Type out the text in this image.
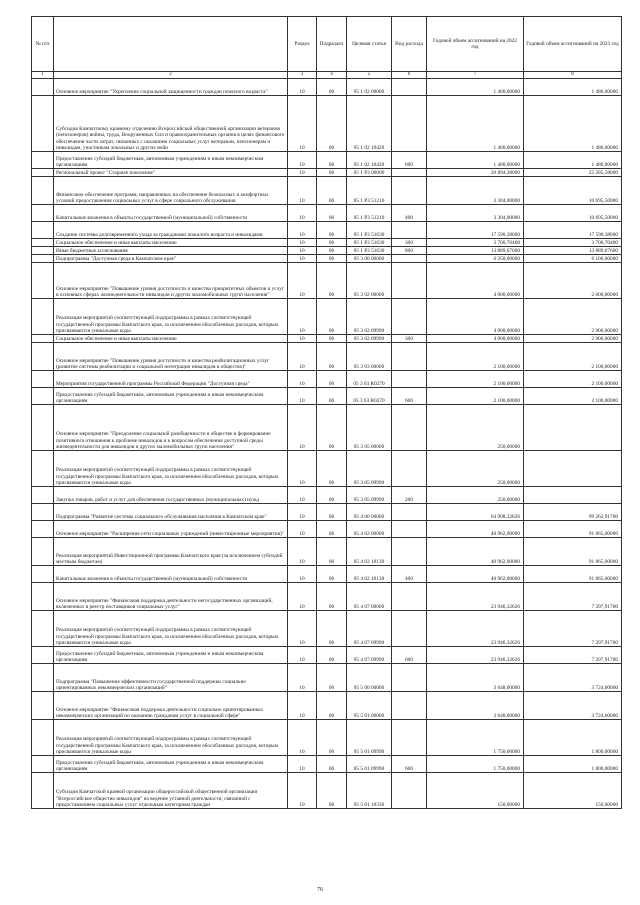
№ п/п		Раздел	Подраздел	Целевая статья	Вид расхода	Годовой объем ассигнований на 2022 год	Годовой объем ассигнований на 2023 год
1	2	3	4	5	6	7	8
	Основное мероприятие "Укрепление социальной защищенности граждан пожилого возраста"	10	06	05 1 02 00000		1 460,00000	1 480,00000
	Субсидия Камчатскому краевому отделению Всероссийской общественной организации ветеранов (пенсионеров) войны, труда, Вооруженных Сил и правоохранительных органов в целях финансового обеспечения части затрат, связанных с оказанием социальных услуг ветеранам, пенсионерам и инвалидам, участникам локальных и других войн	10	06	05 1 02 10420		1 460,00000	1 480,00000
	Предоставление субсидий бюджетным, автономным учреждениям и иным некоммерческим организациям	10	06	05 1 02 10420	600	1 460,00000	1 480,00000
	Региональный проект "Старшее поколение"	10	06	05 1 P3 00000		20 894,38000	25 285,58000
	Финансовое обеспечение программ, направленных на обеспечение безопасных и комфортных условий предоставления социальных услуг в сфере социального обслуживания	10	06	05 1 P3 51210		3 304,00000	10 695,50000
	Капитальные вложения в объекты государственной (муниципальной) собственности	10	06	05 1 P3 51210	400	3 304,00000	10 695,50000
	Создание системы долговременного ухода за гражданами пожилого возраста и инвалидами	10	06	05 1 P3 51630		17 590,38000	17 590,38000
	Социальное обеспечение и иные выплаты населению	10	06	05 1 P3 51630	300	3 700,70400	3 700,70400
	Иные бюджетные ассигнования	10	06	05 1 P3 51630	800	13 889,67600	13 889,67600
	Подпрограмма "Доступная среда в Камчатском крае"	10	06	05 3 00 00000		6 350,00000	6 100,00000
	Основное мероприятие "Повышение уровня доступности и качества приоритетных объектов и услуг в основных сферах жизнедеятельности инвалидов и других маломобильных групп населения"	10	06	05 3 02 00000		4 000,00000	2 000,00000
	Реализация мероприятий соответствующей подпрограммы в рамках соответствующей государственной программы Камчатского края, за исключением обособленных расходов, которым присваиваются уникальные коды	10	06	05 3 02 09990		4 000,00000	2 000,00000
	Социальное обеспечение и иные выплаты населению	10	06	05 3 02 09990	300	4 000,00000	2 000,00000
	Основное мероприятие "Повышение уровня доступности и качества реабилитационных услуг (развитие системы реабилитации и социальной интеграции инвалидов в общество)"	10	06	05 3 03 00000		2 100,00000	2 100,00000
	Мероприятия государственной программы Российской Федерации "Доступная среда"	10	06	05 3 03 R0270		2 100,00000	2 100,00000
	Предоставление субсидий бюджетным, автономным учреждениям и иным некоммерческим организациям	10	06	05 3 03 R0270	600	2 100,00000	2 100,00000
	Основное мероприятие "Преодоление социальной разобщенности в обществе и формирование позитивного отношения к проблеме инвалидов и к вопросам обеспечения доступной среды жизнедеятельности для инвалидов и других маломобильных групп населения"	10	06	05 3 05 00000		250,00000	
	Реализация мероприятий соответствующей подпрограммы в рамках соответствующей государственной программы Камчатского края, за исключением обособленных расходов, которым присваиваются уникальные коды	10	06	05 3 05 09990		250,00000	
	Закупка товаров, работ и услуг для обеспечения государственных (муниципальных) нужд	10	06	05 3 05 09990	200	250,00000	
	Подпрограмма "Развитие системы социального обслуживания населения в Камчатском крае"	10	06	05 4 00 00000		64 908,32626	99 262,91700
	Основное мероприятие "Расширение сети социальных учреждений (инвестиционные мероприятия)"	10	06	05 4 02 00000		40 962,00000	91 865,00000
	Реализация мероприятий Инвестиционной программы Камчатского края (за исключением субсидий местным бюджетам)	10	06	05 4 02 10130		40 962,00000	91 865,00000
	Капитальные вложения в объекты государственной (муниципальной) собственности	10	06	05 4 02 10130	400	40 962,00000	91 865,00000
	Основное мероприятие "Финансовая поддержка деятельности негосударственных организаций, включенных в реестр поставщиков социальных услуг"	10	06	05 4 07 00000		23 946,32626	7 397,91700
	Реализация мероприятий соответствующей подпрограммы в рамках соответствующей государственной программы Камчатского края, за исключением обособленных расходов, которым присваиваются уникальные коды	10	06	05 4 07 09990		23 946,32626	7 397,91700
	Предоставление субсидий бюджетным, автономным учреждениям и иным некоммерческим организациям	10	06	05 4 07 09990	600	23 946,32626	7 397,91700
	Подпрограмма "Повышение эффективности государственной поддержки социально ориентированных некоммерческих организаций"	10	06	05 5 00 00000		3 648,00000	3 724,00000
	Основное мероприятие "Финансовая поддержка деятельности социально ориентированных некоммерческих организаций по оказанию гражданам услуг в социальной сфере"	10	06	05 5 01 00000		3 648,00000	3 724,00000
	Реализация мероприятий соответствующей подпрограммы в рамках соответствующей государственной программы Камчатского края, за исключением обособленных расходов, которым присваиваются уникальные коды	10	06	05 5 01 09990		1 750,00000	1 800,00000
	Предоставление субсидий бюджетным, автономным учреждениям и иным некоммерческим организациям	10	06	05 5 01 09990	600	1 750,00000	1 800,00000
	Субсидия Камчатской краевой организации общероссийской общественной организации "Всероссийское общество инвалидов" на ведение уставной деятельности, связанной с предоставлением социальных услуг отдельным категориям граждан	10	06	05 5 01 10336		150,00000	150,00000
76
